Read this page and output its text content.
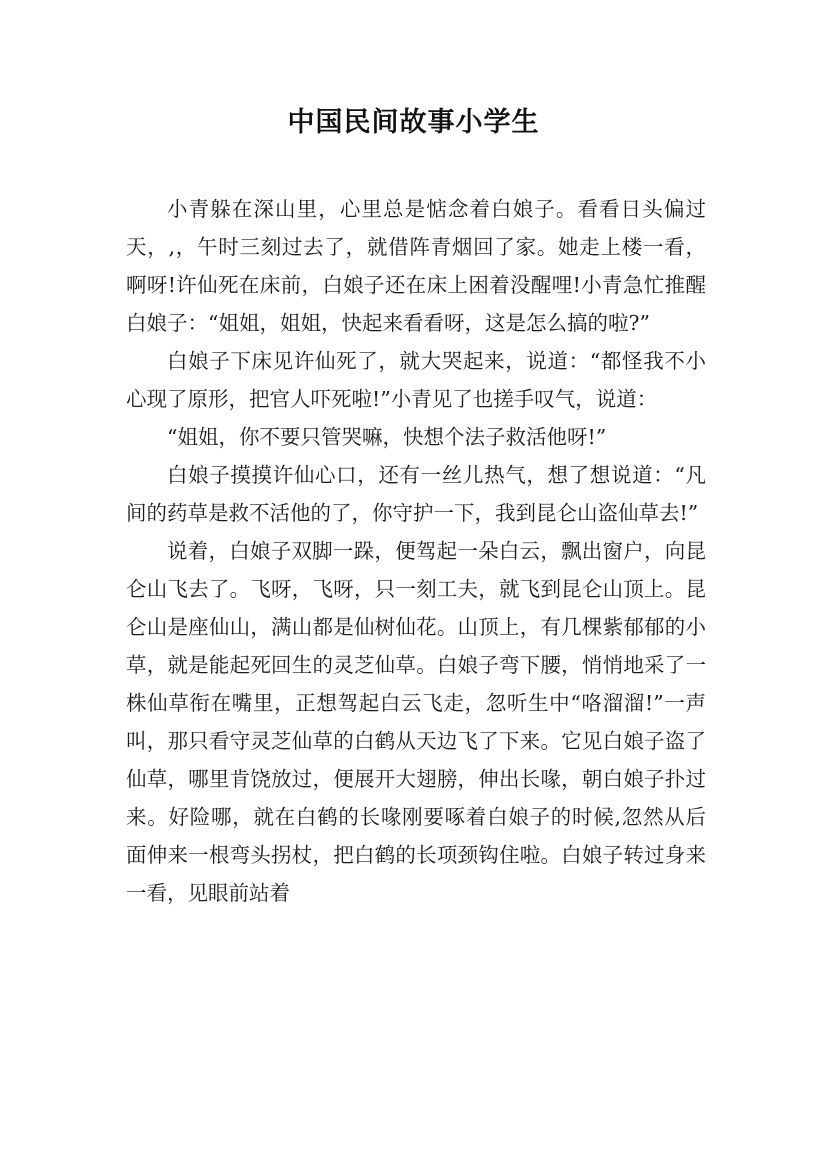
中国民间故事小学生

小青躲在深山里，心里总是惦念着白娘子。看看日头偏过天，,，午时三刻过去了，就借阵青烟回了家。她走上楼一看，啊呀!许仙死在床前，白娘子还在床上困着没醒哩!小青急忙推醒白娘子：“姐姐，姐姐，快起来看看呀，这是怎么搞的啦?”

白娘子下床见许仙死了，就大哭起来，说道：“都怪我不小心现了原形，把官人吓死啦!”小青见了也搓手叹气，说道：

“姐姐，你不要只管哭嘛，快想个法子救活他呀!”

白娘子摸摸许仙心口，还有一丝儿热气，想了想说道：“凡间的药草是救不活他的了，你守护一下，我到昆仑山盗仙草去!”

说着，白娘子双脚一跺，便驾起一朵白云，飘出窗户，向昆仑山飞去了。飞呀，飞呀，只一刻工夫，就飞到昆仑山顶上。昆仑山是座仙山，满山都是仙树仙花。山顶上，有几棵紫郁郁的小草，就是能起死回生的灵芝仙草。白娘子弯下腰，悄悄地采了一株仙草衔在嘴里，正想驾起白云飞走，忽听生中“咯溜溜!”一声叫，那只看守灵芝仙草的白鹤从天边飞了下来。它见白娘子盗了仙草，哪里肯饶放过，便展开大翅膀，伸出长喙，朝白娘子扑过来。好险哪，就在白鹤的长喙刚要啄着白娘子的时候,忽然从后面伸来一根弯头拐杖，把白鹤的长项颈钩住啦。白娘子转过身来一看，见眼前站着
